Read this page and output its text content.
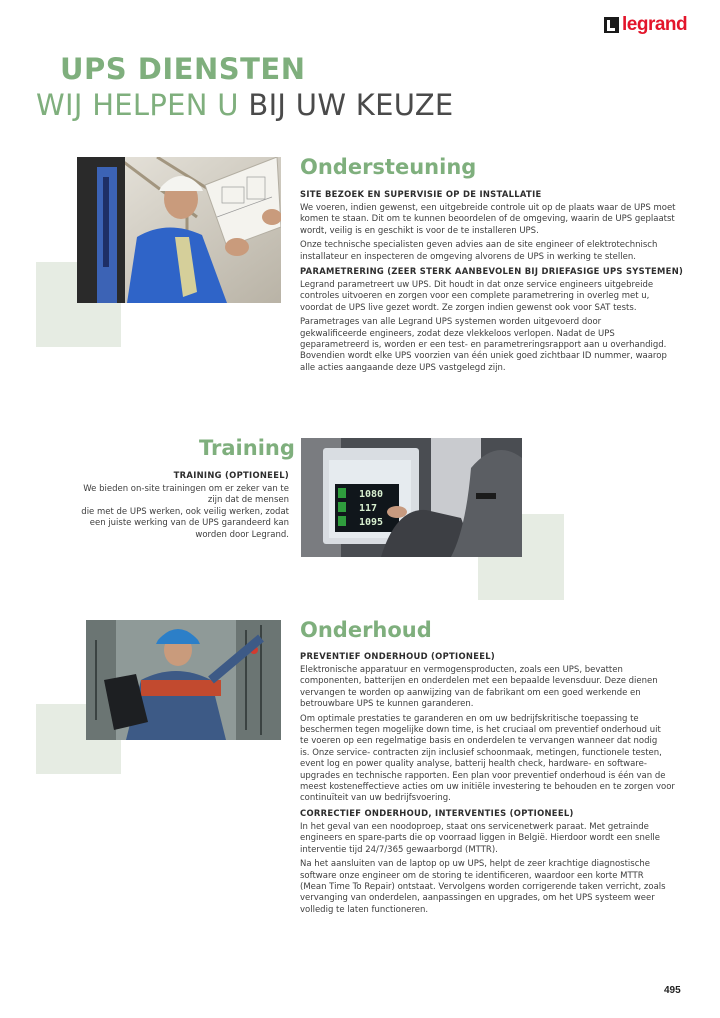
legrand
UPS DIENSTEN
WIJ HELPEN U BIJ UW KEUZE
Ondersteuning

SITE BEZOEK EN SUPERVISIE OP DE INSTALLATIE

We voeren, indien gewenst, een uitgebreide controle uit op de plaats waar de UPS moet
komen te staan. Dit om te kunnen beoordelen of de omgeving, waarin de UPS geplaatst
wordt, veilig is en geschikt is voor de te installeren UPS.

Onze technische specialisten geven advies aan de site engineer of elektrotechnisch
installateur en inspecteren de omgeving alvorens de UPS in werking te stellen.

PARAMETRERING (ZEER STERK AANBEVOLEN BIJ DRIEFASIGE UPS SYSTEMEN)

Legrand parametreert uw UPS. Dit houdt in dat onze service engineers uitgebreide
controles uitvoeren en zorgen voor een complete parametrering in overleg met u,
voordat de UPS live gezet wordt. Ze zorgen indien gewenst ook voor SAT tests.

Parametrages van alle Legrand UPS systemen worden uitgevoerd door
gekwalificeerde engineers, zodat deze vlekkeloos verlopen. Nadat de UPS
geparametreerd is, worden er een test- en parametreringsrapport aan u overhandigd.
Bovendien wordt elke UPS voorzien van één uniek goed zichtbaar ID nummer, waarop
alle acties aangaande deze UPS vastgelegd zijn.

1080
117
1095
Training

TRAINING (OPTIONEEL)

We bieden on-site trainingen om er zeker van te
zijn dat de mensen
die met de UPS werken, ook veilig werken, zodat
een juiste werking van de UPS garandeerd kan
worden door Legrand.

Onderhoud

PREVENTIEF ONDERHOUD (OPTIONEEL)

Elektronische apparatuur en vermogensproducten, zoals een UPS, bevatten
componenten, batterijen en onderdelen met een bepaalde levensduur. Deze dienen
vervangen te worden op aanwijzing van de fabrikant om een goed werkende en
betrouwbare UPS te kunnen garanderen.

Om optimale prestaties te garanderen en om uw bedrijfskritische toepassing te
beschermen tegen mogelijke down time, is het cruciaal om preventief onderhoud uit
te voeren op een regelmatige basis en onderdelen te vervangen wanneer dat nodig
is. Onze service- contracten zijn inclusief schoonmaak, metingen, functionele testen,
event log en power quality analyse, batterij health check, hardware- en software-
upgrades en technische rapporten. Een plan voor preventief onderhoud is één van de
meest kosteneffectieve acties om uw initiële investering te behouden en te zorgen voor
continuïteit van uw bedrijfsvoering.

CORRECTIEF ONDERHOUD, INTERVENTIES (OPTIONEEL)

In het geval van een noodoproep, staat ons servicenetwerk paraat. Met getrainde
engineers en spare-parts die op voorraad liggen in België. Hierdoor wordt een snelle
interventie tijd 24/7/365 gewaarborgd (MTTR).

Na het aansluiten van de laptop op uw UPS, helpt de zeer krachtige diagnostische
software onze engineer om de storing te identificeren, waardoor een korte MTTR
(Mean Time To Repair) ontstaat. Vervolgens worden corrigerende taken verricht, zoals
vervanging van onderdelen, aanpassingen en upgrades, om het UPS systeem weer
volledig te laten functioneren.

495
